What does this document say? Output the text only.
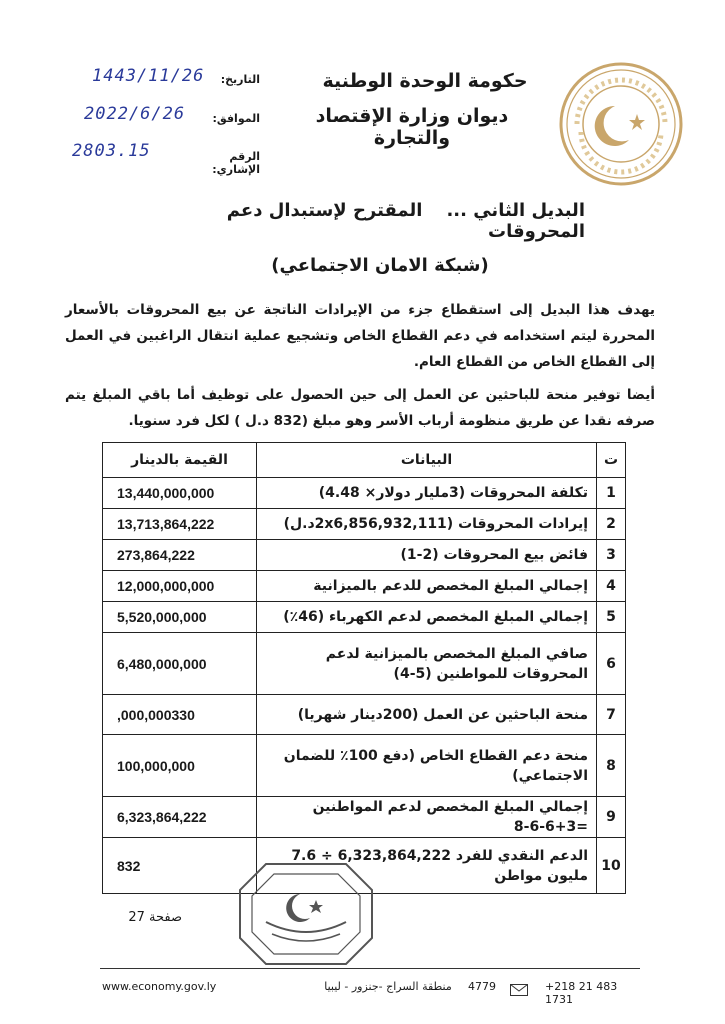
حكومة الوحدة الوطنية
ديوان وزارة الإقتصاد والتجارة
التاريخ:
1443/11/26
الموافق:
2022/6/26
الرقم الإشاري:
2803.15
البديل الثاني ...المقترح لإستبدال دعم المحروقات
(شبكة الامان الاجتماعي)
يهدف هذا البديل إلى استقطاع جزء من الإيرادات الناتجة عن بيع المحروقات بالأسعار المحررة ليتم استخدامه في دعم القطاع الخاص وتشجيع عملية انتقال الراغبين في العمل إلى القطاع الخاص من القطاع العام.
أيضا توفير منحة للباحثين عن العمل إلى حين الحصول على توظيف أما باقي المبلغ يتم صرفه نقدا عن طريق منظومة أرباب الأسر وهو مبلغ (832 د.ل ) لكل فرد سنويا.
ت	البيانات	القيمة بالدينار
1	تكلفة المحروقات (3مليار دولار× 4.48)	13,440,000,000
2	إيرادات المحروقات (2x6,856,932,111د.ل)	13,713,864,222
3	فائض بيع المحروقات (2-1)	273,864,222
4	إجمالي المبلغ المخصص للدعم بالميزانية	12,000,000,000
5	إجمالي المبلغ المخصص لدعم الكهرباء (46٪)	5,520,000,000
6	صافي المبلغ المخصص بالميزانية لدعم المحروقات للمواطنين (5-4)	6,480,000,000
7	منحة الباحثين عن العمل (200دينار شهريا)	,000,000330
8	منحة دعم القطاع الخاص (دفع 100٪ للضمان الاجتماعي)	100,000,000
9	إجمالي المبلغ المخصص لدعم المواطنين =3+6-6-8	6,323,864,222
10	الدعم النقدي للفرد 6,323,864,222 ÷ 7.6 مليون مواطن	832
صفحة 27
www.economy.gov.ly	منطقة السراج -جنزور - ليبيا	4779	+218 21 483 1731
